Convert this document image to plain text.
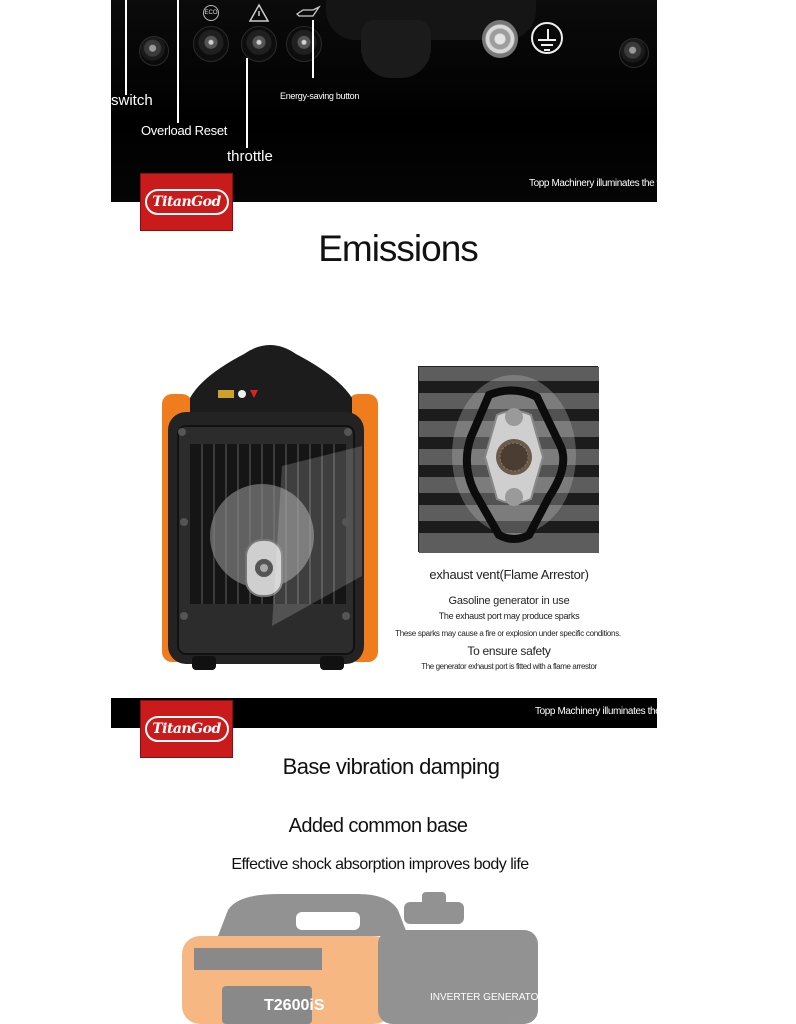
ECO
switch
Overload Reset
throttle
Energy-saving button
Topp Machinery illuminates the world
TitanGod
Emissions
exhaust vent(Flame Arrestor)
Gasoline generator in use
The exhaust port may produce sparks
These sparks may cause a fire or explosion under specific conditions.
To ensure safety
The generator exhaust port is fitted with a flame arrestor
Topp Machinery illuminates the world
TitanGod
Base vibration damping
Added common base
Effective shock absorption improves body life
T2600iS	INVERTER GENERATOR
